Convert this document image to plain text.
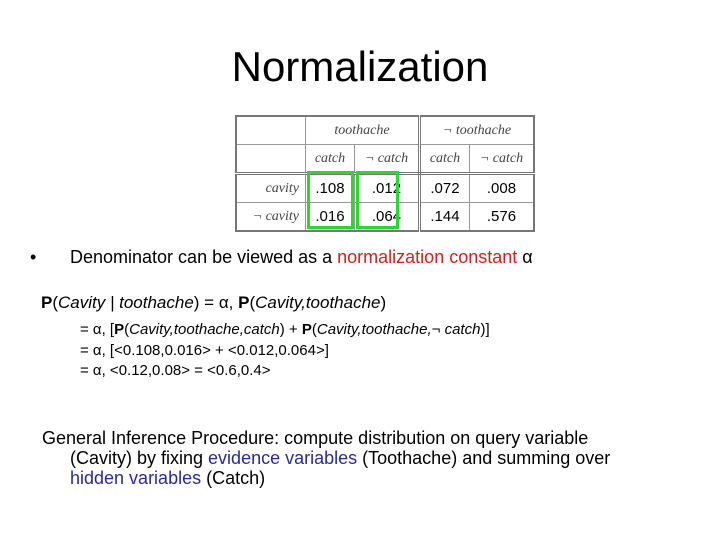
Normalization
	toothache		¬ toothache	
	catch	¬ catch	catch	¬ catch
cavity	.108	.012	.072	.008
¬ cavity	.016	.064	.144	.576
• Denominator can be viewed as a normalization constant α
P(Cavity | toothache) = α, P(Cavity,toothache)
= α, [P(Cavity,toothache,catch) + P(Cavity,toothache,¬ catch)]
= α, [<0.108,0.016> + <0.012,0.064>]
= α, <0.12,0.08> = <0.6,0.4>
General Inference Procedure: compute distribution on query variable
(Cavity) by fixing evidence variables (Toothache) and summing over
hidden variables (Catch)
